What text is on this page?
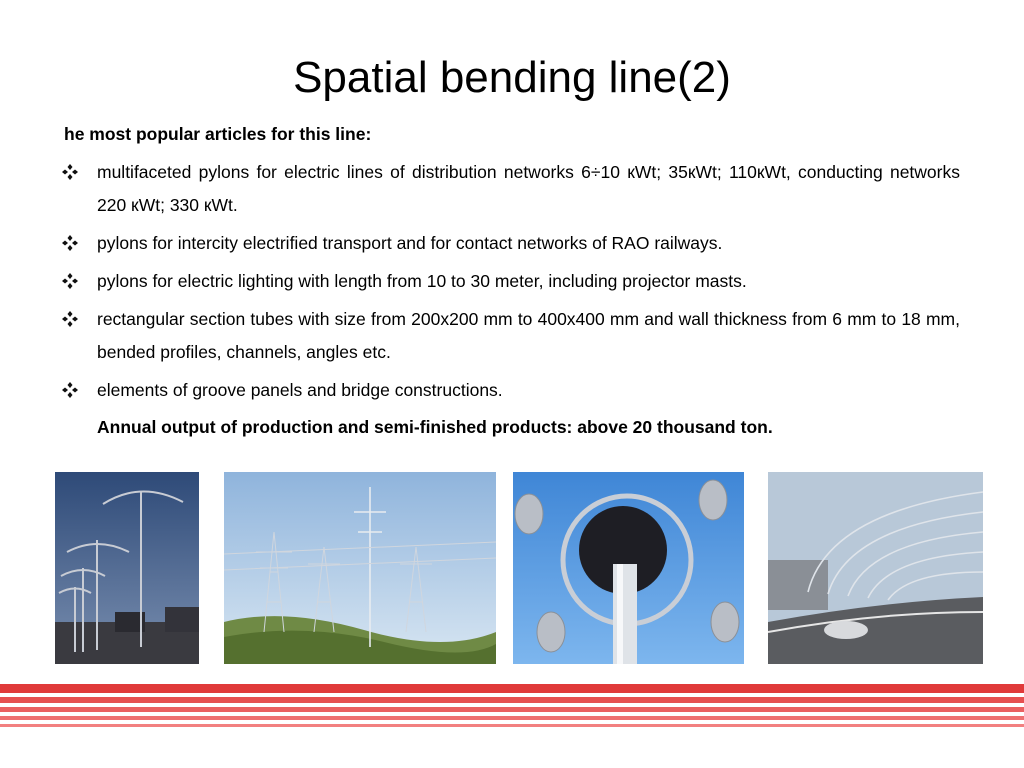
Spatial bending line(2)
he most popular articles for this line:
multifaceted pylons for electric lines of distribution networks 6÷10 кWt; 35кWt; 110кWt, conducting networks 220 кWt; 330 кWt.
pylons for intercity electrified transport and for contact networks of RAO railways.
pylons for electric lighting with length from 10 to 30 meter, including projector masts.
rectangular section tubes with size from 200x200 mm to 400x400 mm and wall thickness from 6 mm to 18 mm, bended profiles, channels, angles etc.
elements of groove panels and bridge constructions.
Annual output of production and semi-finished products: above 20 thousand ton.
